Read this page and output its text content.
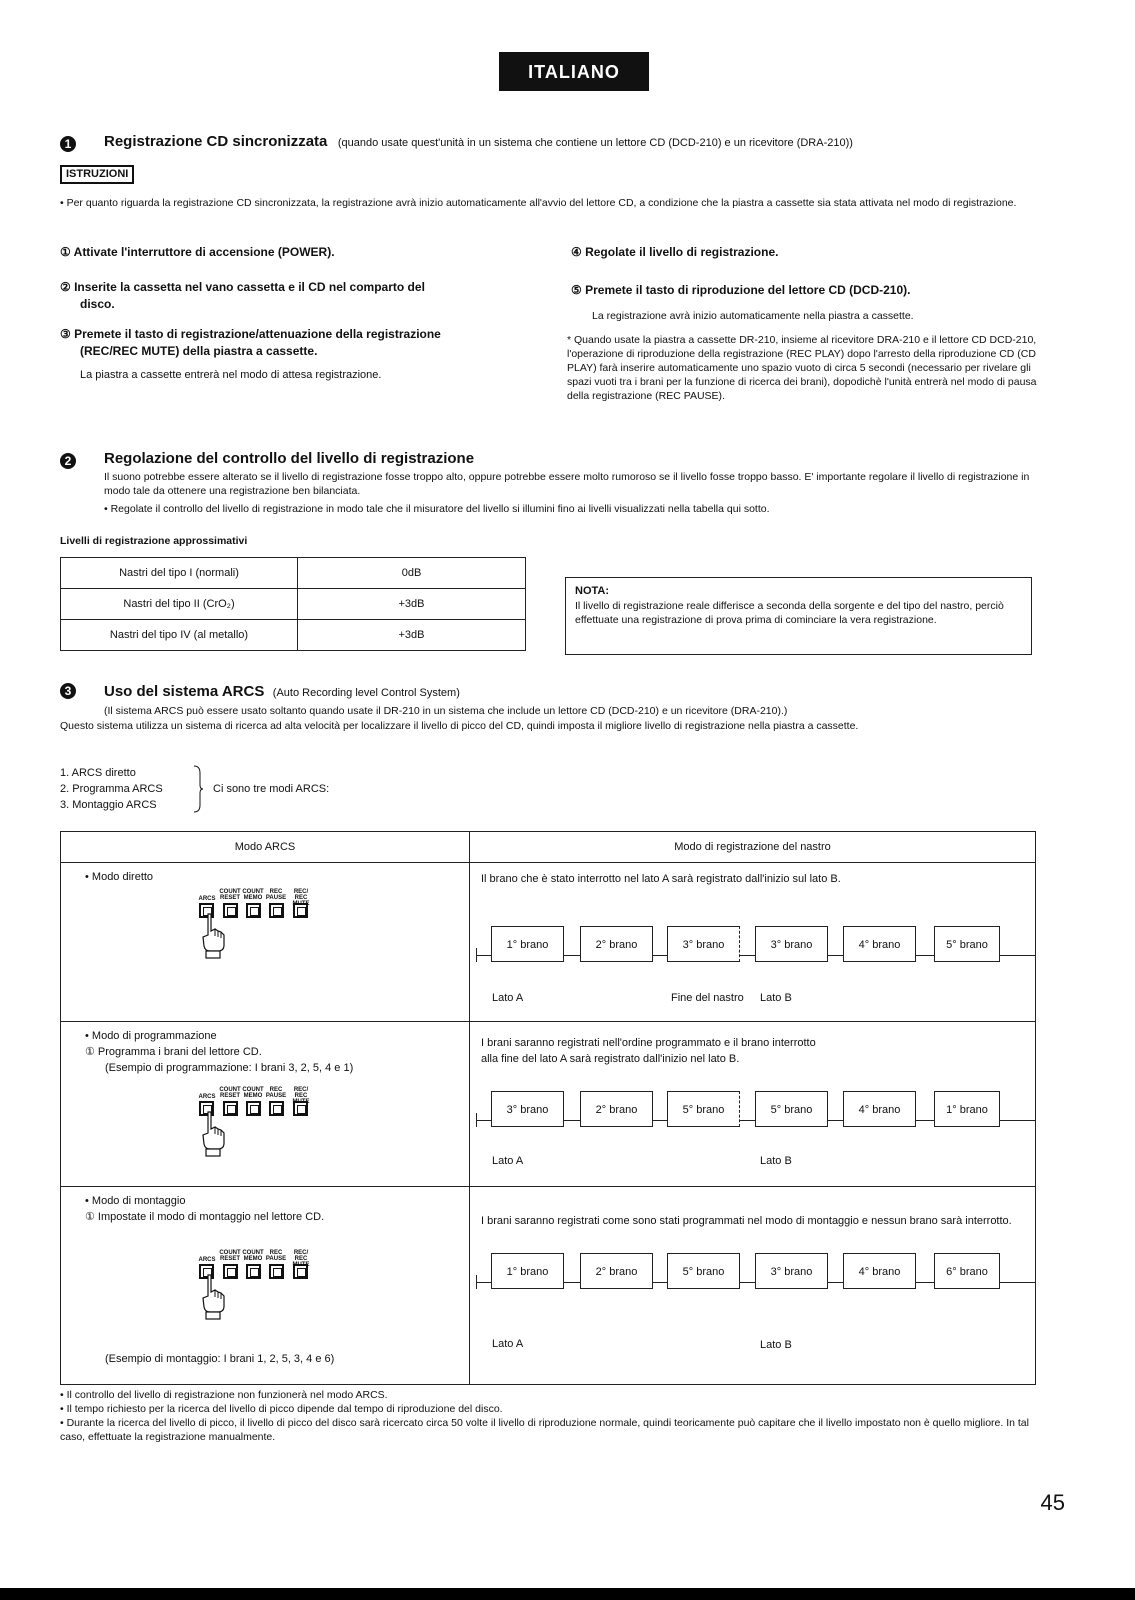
ITALIANO
1	Registrazione CD sincronizzata (quando usate quest'unità in un sistema che contiene un lettore CD (DCD-210) e un ricevitore (DRA-210))
ISTRUZIONI
• Per quanto riguarda la registrazione CD sincronizzata, la registrazione avrà inizio automaticamente all'avvio del lettore CD, a condizione che la piastra a cassette sia stata attivata nel modo di registrazione.
① Attivate l'interruttore di accensione (POWER).
② Inserite la cassetta nel vano cassetta e il CD nel comparto del
disco.
③ Premete il tasto di registrazione/attenuazione della registrazione
(REC/REC MUTE) della piastra a cassette.
La piastra a cassette entrerà nel modo di attesa registrazione.
④ Regolate il livello di registrazione.
⑤ Premete il tasto di riproduzione del lettore CD (DCD-210).
La registrazione avrà inizio automaticamente nella piastra a cassette.
* Quando usate la piastra a cassette DR-210, insieme al ricevitore DRA-210 e il lettore CD DCD-210, l'operazione di riproduzione della registrazione (REC PLAY) dopo l'arresto della riproduzione CD (CD PLAY) farà inserire automaticamente uno spazio vuoto di circa 5 secondi (necessario per rivelare gli spazi vuoti tra i brani per la funzione di ricerca dei brani), dopodichè l'unità entrerà nel modo di pausa della registrazione (REC PAUSE).
2	Regolazione del controllo del livello di registrazione
Il suono potrebbe essere alterato se il livello di registrazione fosse troppo alto, oppure potrebbe essere molto rumoroso se il livello fosse troppo basso. E' importante regolare il livello di registrazione in modo tale da ottenere una registrazione ben bilanciata.
• Regolate il controllo del livello di registrazione in modo tale che il misuratore del livello si illumini fino ai livelli visualizzati nella tabella qui sotto.
Livelli di registrazione approssimativi
Nastri del tipo I (normali)	0dB
Nastri del tipo II (CrO₂)	+3dB
Nastri del tipo IV (al metallo)	+3dB
NOTA:
Il livello di registrazione reale differisce a seconda della sorgente e del tipo del nastro, perciò effettuate una registrazione di prova prima di cominciare la vera registrazione.
3	Uso del sistema ARCS (Auto Recording level Control System)
(Il sistema ARCS può essere usato soltanto quando usate il DR-210 in un sistema che include un lettore CD (DCD-210) e un ricevitore (DRA-210).)
Questo sistema utilizza un sistema di ricerca ad alta velocità per localizzare il livello di picco del CD, quindi imposta il migliore livello di registrazione nella piastra a cassette.
1. ARCS diretto
2. Programma ARCS
3. Montaggio ARCS
Ci sono tre modi ARCS:
Modo ARCS	Modo di registrazione del nastro
• Modo diretto
ARCS
COUNT RESET
COUNT MEMO
REC PAUSE
REC/ REC MUTE
Il brano che è stato interrotto nel lato A sarà registrato dall'inizio sul lato B.
1° brano	2° brano	3° brano	3° brano	4° brano	5° brano
Lato A	Fine del nastro Lato B
• Modo di programmazione
① Programma i brani del lettore CD.
(Esempio di programmazione: I brani 3, 2, 5, 4 e 1)
ARCS
COUNT RESET
COUNT MEMO
REC PAUSE
REC/ REC MUTE
I brani saranno registrati nell'ordine programmato e il brano interrotto
alla fine del lato A sarà registrato dall'inizio nel lato B.
3° brano	2° brano	5° brano	5° brano	4° brano	1° brano
Lato A	Lato B
• Modo di montaggio
① Impostate il modo di montaggio nel lettore CD.
ARCS
COUNT RESET
COUNT MEMO
REC PAUSE
REC/ REC MUTE
(Esempio di montaggio: I brani 1, 2, 5, 3, 4 e 6)
I brani saranno registrati come sono stati programmati nel modo di montaggio e nessun brano sarà interrotto.
1° brano	2° brano	5° brano	3° brano	4° brano	6° brano
Lato A	Lato B
• Il controllo del livello di registrazione non funzionerà nel modo ARCS.
• Il tempo richiesto per la ricerca del livello di picco dipende dal tempo di riproduzione del disco.
• Durante la ricerca del livello di picco, il livello di picco del disco sarà ricercato circa 50 volte il livello di riproduzione normale, quindi teoricamente può capitare che il livello impostato non è quello migliore. In tal caso, effettuate la registrazione manualmente.
45
